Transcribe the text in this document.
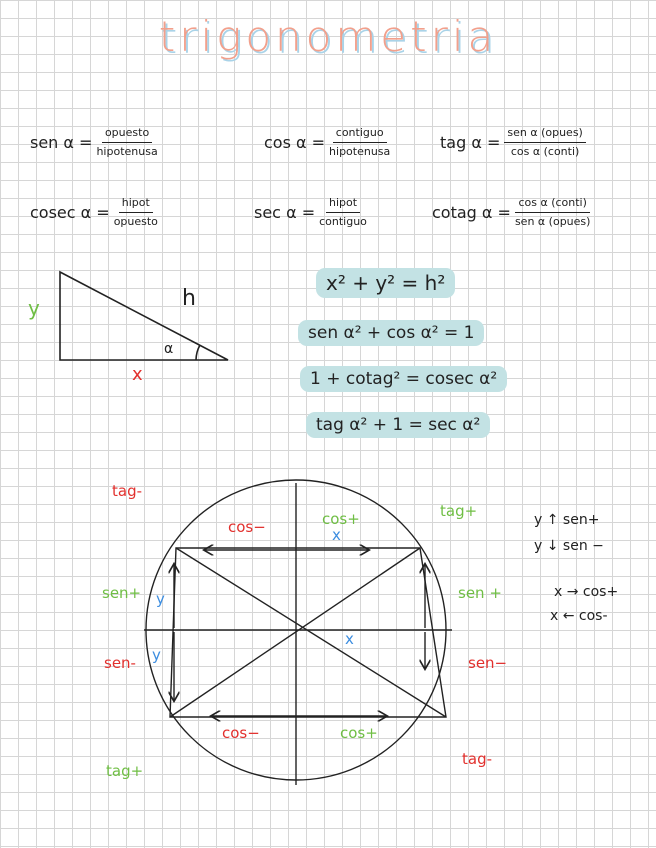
trigonometria
sen $\alpha = \frac{\text{opuesto}}{\text{hipotenusa}}$	$\cos \alpha = \frac{\text{contiguo}}{\text{hipotenusa}}$	tag $\alpha = \frac{\text{sen α (opues)}}{\text{cos α (conti)}}$
cosec $\alpha = \frac{\text{hipot}}{\text{opuesto}}$	$\sec \alpha = \frac{\text{hipot}}{\text{contiguo}}$	cotag $\alpha = \frac{\text{cos α (conti)}}{\text{sen α (opues)}}$
y	h
x
α
x² + y² = h²
sen α² + cos α² = 1
1 + cotag² = cosec α²
tag α² + 1 = sec α²
tag-
tag+
tag+
tag-
cos−	cos+
cos−	cos+
sen+
sen-
sen +
sen−
x
x
y
y
y ↑ sen+
y ↓ sen −
x → cos+
x ← cos-
